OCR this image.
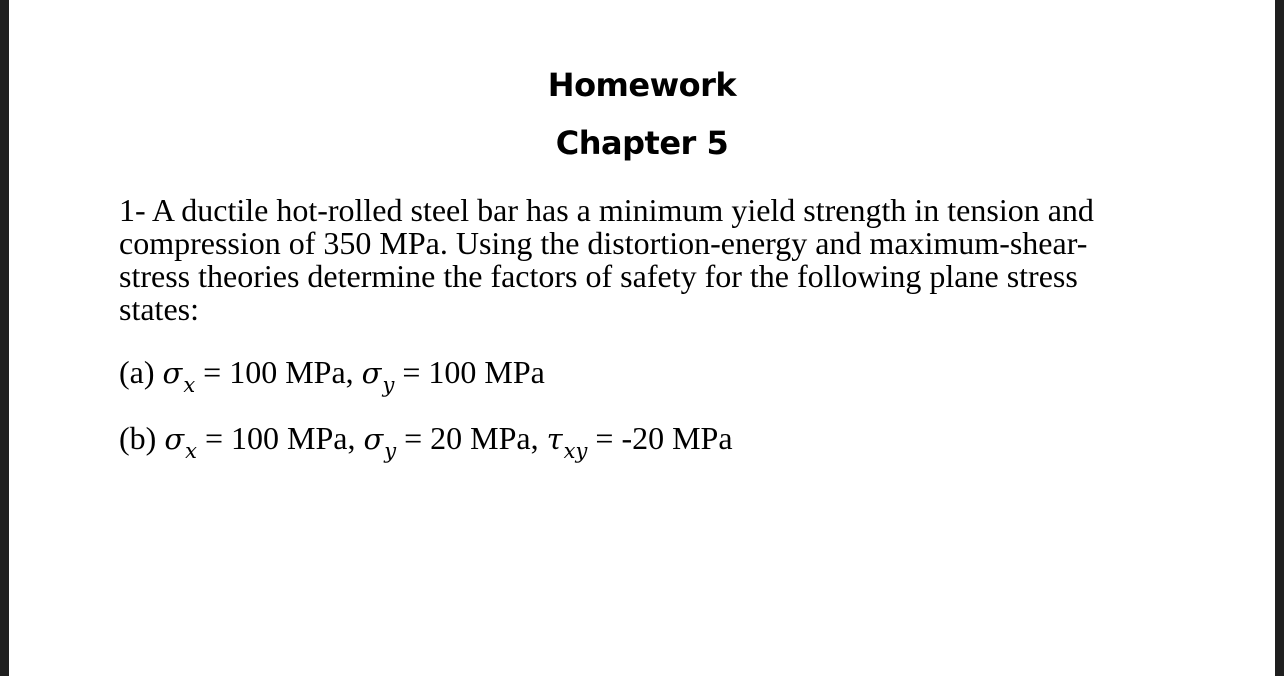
Homework
Chapter 5

1- A ductile hot-rolled steel bar has a minimum yield strength in tension and compression of 350 MPa. Using the distortion-energy and maximum-shear-stress theories determine the factors of safety for the following plane stress states:

(a) $\sigma_x = 100$ MPa, $\sigma_y = 100$ MPa
(b) $\sigma_x = 100$ MPa, $\sigma_y = 20$ MPa, $\tau_{xy} = -20$ MPa
